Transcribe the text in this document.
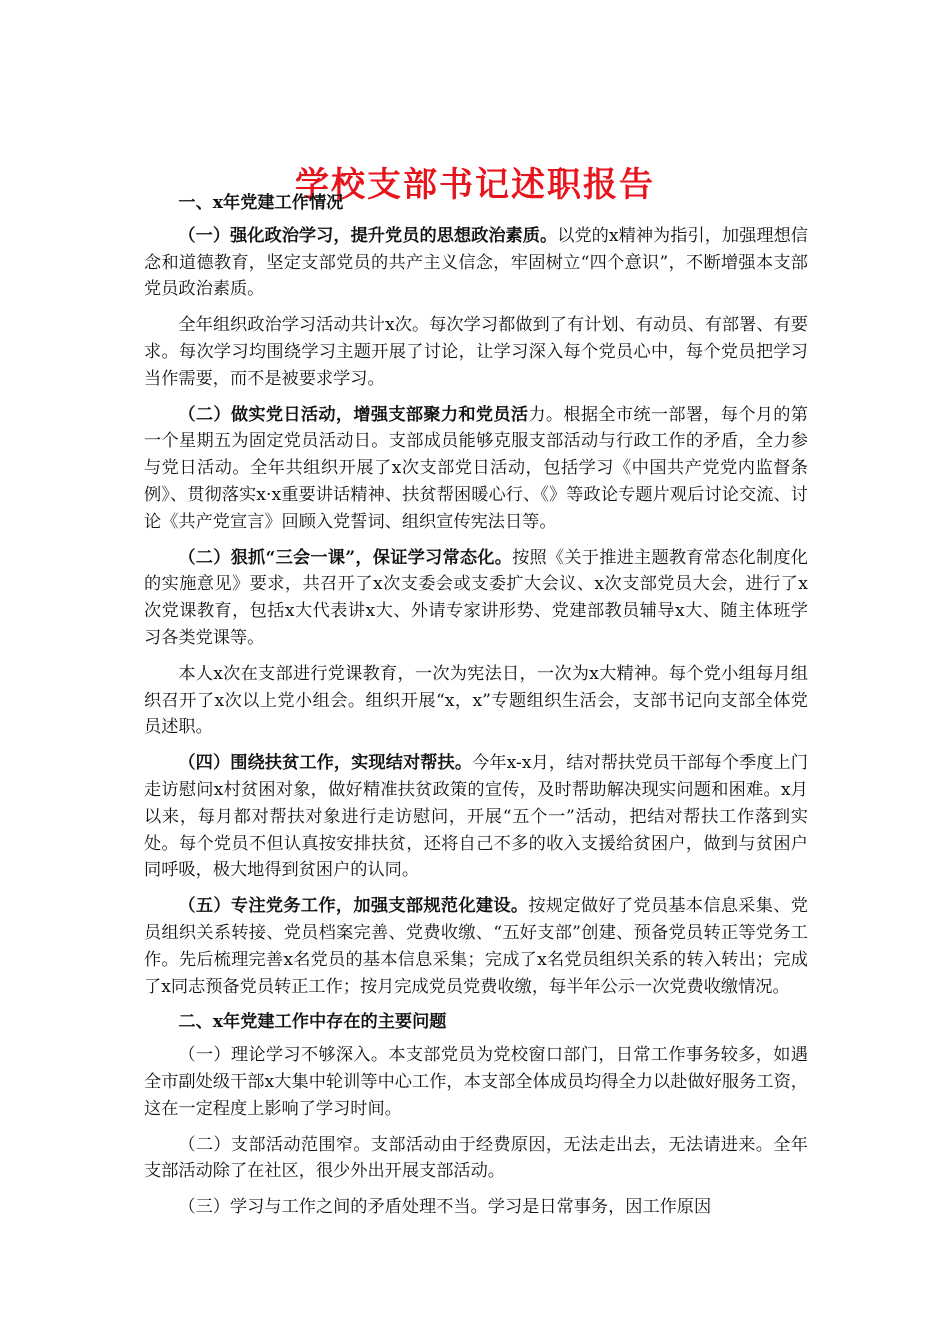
学校支部书记述职报告

一、x年党建工作情况

（一）强化政治学习，提升党员的思想政治素质。以党的x精神为指引，加强理想信念和道德教育，坚定支部党员的共产主义信念，牢固树立“四个意识”，不断增强本支部党员政治素质。

全年组织政治学习活动共计x次。每次学习都做到了有计划、有动员、有部署、有要求。每次学习均围绕学习主题开展了讨论，让学习深入每个党员心中，每个党员把学习当作需要，而不是被要求学习。

（二）做实党日活动，增强支部聚力和党员活力。根据全市统一部署，每个月的第一个星期五为固定党员活动日。支部成员能够克服支部活动与行政工作的矛盾，全力参与党日活动。全年共组织开展了x次支部党日活动，包括学习《中国共产党党内监督条例》、贯彻落实x·x重要讲话精神、扶贫帮困暖心行、《》等政论专题片观后讨论交流、讨论《共产党宣言》回顾入党誓词、组织宣传宪法日等。

（二）狠抓“三会一课”，保证学习常态化。按照《关于推进主题教育常态化制度化的实施意见》要求，共召开了x次支委会或支委扩大会议、x次支部党员大会，进行了x次党课教育，包括x大代表讲x大、外请专家讲形势、党建部教员辅导x大、随主体班学习各类党课等。

本人x次在支部进行党课教育，一次为宪法日，一次为x大精神。每个党小组每月组织召开了x次以上党小组会。组织开展“x，x”专题组织生活会，支部书记向支部全体党员述职。

（四）围绕扶贫工作，实现结对帮扶。今年x-x月，结对帮扶党员干部每个季度上门走访慰问x村贫困对象，做好精准扶贫政策的宣传，及时帮助解决现实问题和困难。x月以来，每月都对帮扶对象进行走访慰问，开展“五个一”活动，把结对帮扶工作落到实处。每个党员不但认真按安排扶贫，还将自己不多的收入支援给贫困户，做到与贫困户同呼吸，极大地得到贫困户的认同。

（五）专注党务工作，加强支部规范化建设。按规定做好了党员基本信息采集、党员组织关系转接、党员档案完善、党费收缴、“五好支部”创建、预备党员转正等党务工作。先后梳理完善x名党员的基本信息采集；完成了x名党员组织关系的转入转出；完成了x同志预备党员转正工作；按月完成党员党费收缴，每半年公示一次党费收缴情况。

二、x年党建工作中存在的主要问题

（一）理论学习不够深入。本支部党员为党校窗口部门，日常工作事务较多，如遇全市副处级干部x大集中轮训等中心工作，本支部全体成员均得全力以赴做好服务工资，这在一定程度上影响了学习时间。

（二）支部活动范围窄。支部活动由于经费原因，无法走出去，无法请进来。全年支部活动除了在社区，很少外出开展支部活动。

（三）学习与工作之间的矛盾处理不当。学习是日常事务，因工作原因
